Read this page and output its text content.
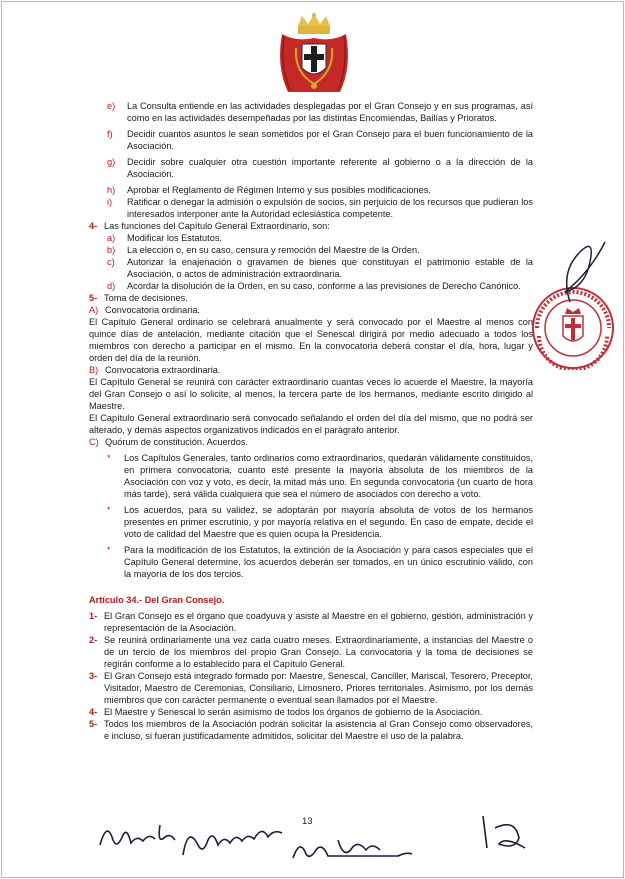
e) La Consulta entiende en las actividades desplegadas por el Gran Consejo y en sus programas, así como en las actividades desempeñadas por las distintas Encomiendas, Bailías y Prioratos.
f) Decidir cuantos asuntos le sean sometidos por el Gran Consejo para el buen funcionamiento de la Asociación.
g) Decidir sobre cualquier otra cuestión importante referente al gobierno o a la dirección de la Asociación.
h) Aprobar el Reglamento de Régimen Interno y sus posibles modificaciones.
i) Ratificar o denegar la admisión o expulsión de socios, sin perjuicio de los recursos que pudieran los interesados interponer ante la Autoridad eclesiástica competente.
4- Las funciones del Capítulo General Extraordinario, son:
a) Modificar los Estatutos.
b) La elección o, en su caso, censura y remoción del Maestre de la Orden.
c) Autorizar la enajenación o gravamen de bienes que constituyan el patrimonio estable de la Asociación, o actos de administración extraordinaria.
d) Acordar la disolución de la Orden, en su caso, conforme a las previsiones de Derecho Canónico.
5- Toma de decisiones.
A) Convocatoria ordinaria.
El Capítulo General ordinario se celebrará anualmente y será convocado por el Maestre al menos con quince días de antelación, mediante citación que el Senescal dirigirá por medio adecuado a todos los miembros con derecho a participar en el mismo. En la convocatoria deberá constar el día, hora, lugar y orden del día de la reunión.
B) Convocatoria extraordinaria.
El Capítulo General se reunirá con carácter extraordinario cuantas veces lo acuerde el Maestre, la mayoría del Gran Consejo o así lo solicite, al menos, la tercera parte de los hermanos, mediante escrito dirigido al Maestre.
El Capítulo General extraordinario será convocado señalando el orden del día del mismo, que no podrá ser alterado, y demás aspectos organizativos indicados en el parágrafo anterior.
C) Quórum de constitución. Acuerdos.
* Los Capítulos Generales, tanto ordinarios como extraordinarios, quedarán válidamente constituidos, en primera convocatoria, cuanto esté presente la mayoría absoluta de los miembros de la Asociación con voz y voto, es decir, la mitad más uno. En segunda convocatoria (un cuarto de hora más tarde), será válida cualquiera que sea el número de asociados con derecho a voto.
* Los acuerdos, para su validez, se adoptarán por mayoría absoluta de votos de los hermanos presentes en primer escrutinio, y por mayoría relativa en el segundo. En caso de empate, decide el voto de calidad del Maestre que es quien ocupa la Presidencia.
* Para la modificación de los Estatutos, la extinción de la Asociación y para casos especiales que el Capítulo General determine, los acuerdos deberán ser tomados, en un único escrutinio válido, con la mayoría de los dos tercios.
Artículo 34.- Del Gran Consejo.
1- El Gran Consejo es el órgano que coadyuva y asiste al Maestre en el gobierno, gestión, administración y representación de la Asociación.
2- Se reunirá ordinariamente una vez cada cuatro meses. Extraordinariamente, a instancias del Maestre o de un tercio de los miembros del propio Gran Consejo. La convocatoria y la toma de decisiones se regirán conforme a lo establecido para el Capítulo General.
3- El Gran Consejo está integrado formado por: Maestre, Senescal, Canciller, Mariscal, Tesorero, Preceptor, Visitador, Maestro de Ceremonias, Consiliario, Limosnero, Priores territoriales. Asimismo, por los demás miembros que con carácter permanente o eventual sean llamados por el Maestre.
4- El Maestre y Senescal lo serán asimismo de todos los órganos de gobierno de la Asociación.
5- Todos los miembros de la Asociación podrán solicitar la asistencia al Gran Consejo como observadores, e incluso, si fueran justificadamente admitidos, solicitar del Maestre el uso de la palabra.
13
